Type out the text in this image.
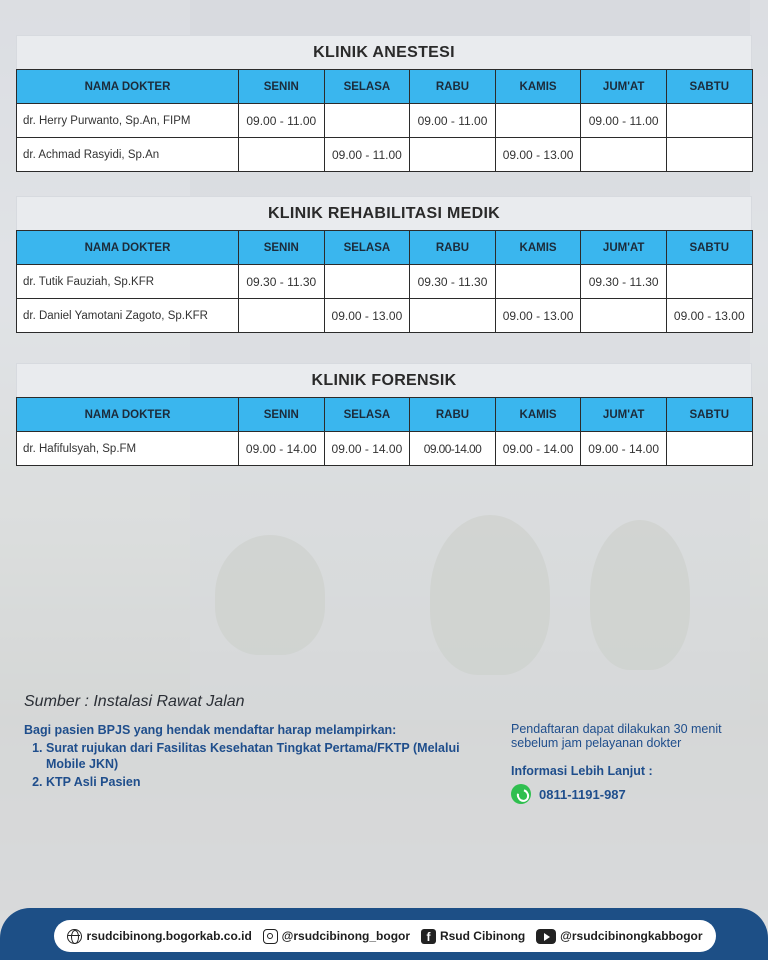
KLINIK ANESTESI
NAMA DOKTER	SENIN	SELASA	RABU	KAMIS	JUM'AT	SABTU
dr. Herry Purwanto, Sp.An, FIPM	09.00 - 11.00		09.00 - 11.00		09.00 - 11.00	
dr. Achmad Rasyidi, Sp.An		09.00 - 11.00		09.00 - 13.00		
KLINIK REHABILITASI MEDIK
NAMA DOKTER	SENIN	SELASA	RABU	KAMIS	JUM'AT	SABTU
dr. Tutik Fauziah, Sp.KFR	09.30 - 11.30		09.30 - 11.30		09.30 - 11.30	
dr. Daniel Yamotani Zagoto, Sp.KFR		09.00 - 13.00		09.00 - 13.00		09.00 - 13.00
KLINIK FORENSIK
NAMA DOKTER	SENIN	SELASA	RABU	KAMIS	JUM'AT	SABTU
dr. Hafifulsyah, Sp.FM	09.00 - 14.00	09.00 - 14.00	09.00-14.00	09.00 - 14.00	09.00 - 14.00	
Sumber : Instalasi Rawat Jalan
Bagi pasien BPJS yang hendak mendaftar harap melampirkan:
1. Surat rujukan dari Fasilitas Kesehatan Tingkat Pertama/FKTP (Melalui Mobile JKN)
2. KTP Asli Pasien
Pendaftaran dapat dilakukan 30 menit sebelum jam pelayanan dokter
Informasi Lebih Lanjut :
0811-1191-987
rsudcibinong.bogorkab.co.id @rsudcibinong_bogor	f Rsud Cibinong	@rsudcibinongkabbogor
